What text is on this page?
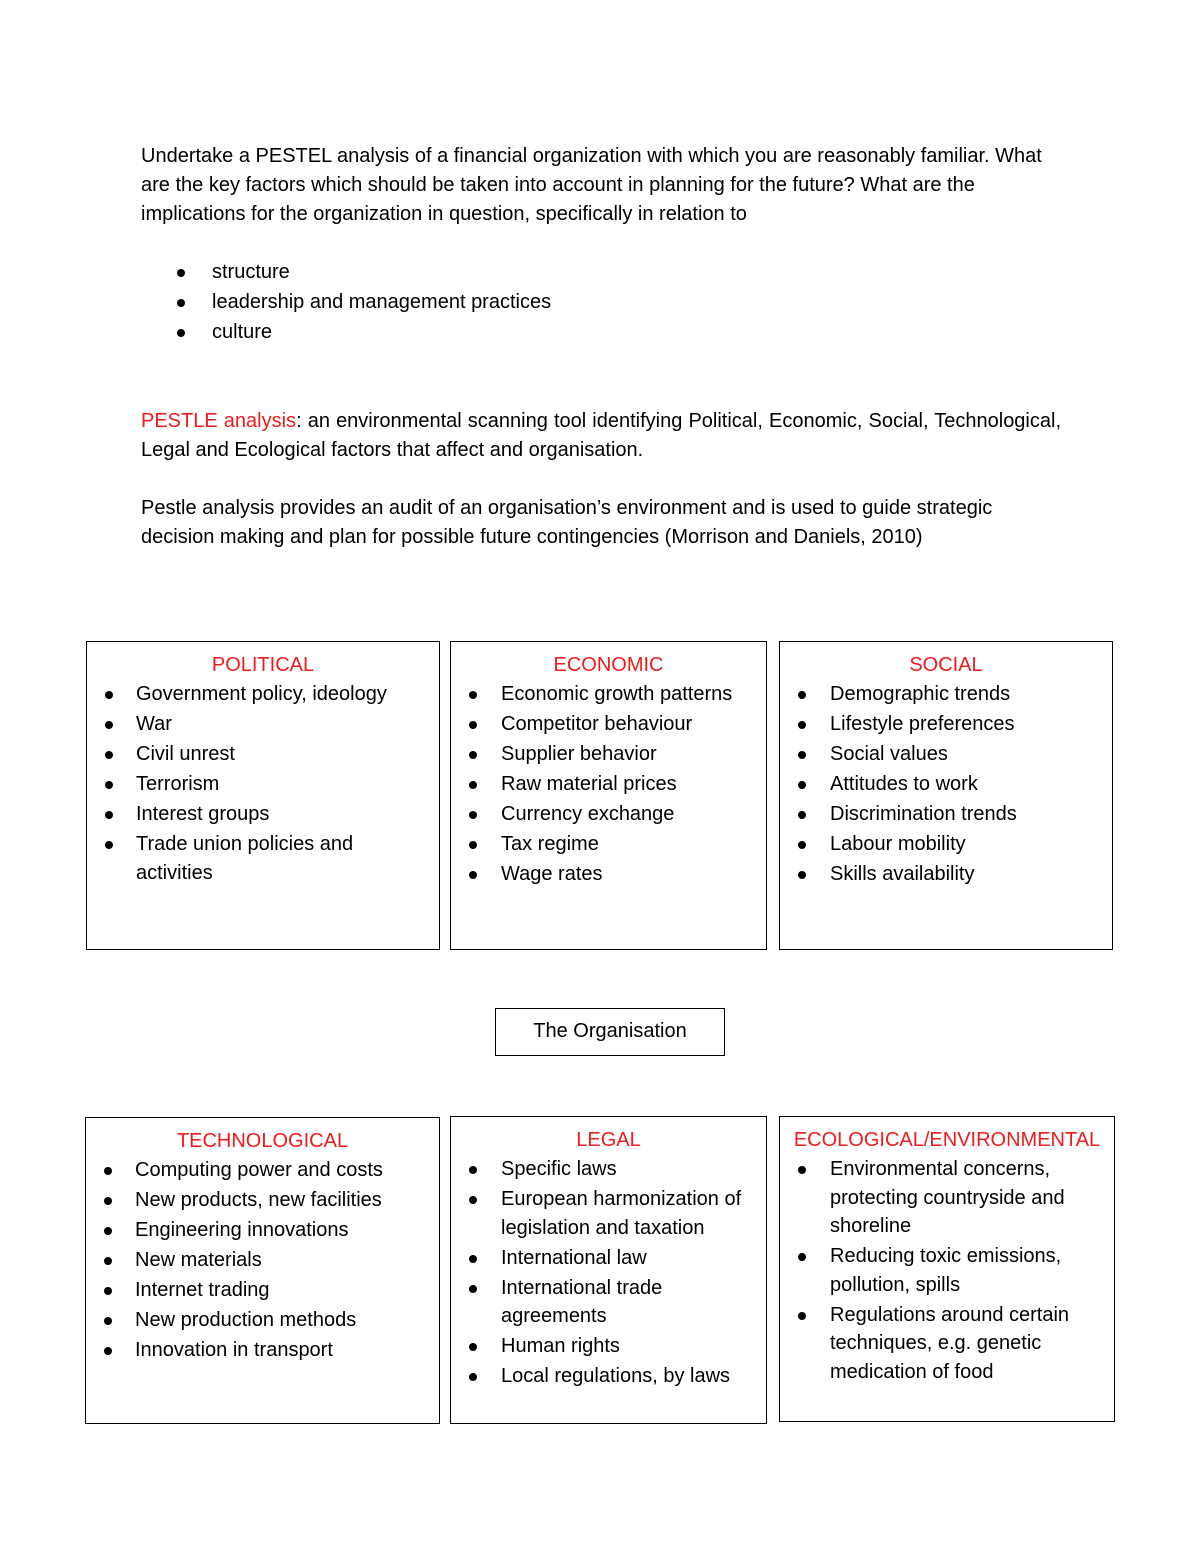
Undertake a PESTEL analysis of a financial organization with which you are reasonably familiar. What are the key factors which should be taken into account in planning for the future? What are the implications for the organization in question, specifically in relation to

structure
leadership and management practices
culture

PESTLE analysis: an environmental scanning tool identifying Political, Economic, Social, Technological, Legal and Ecological factors that affect and organisation.

Pestle analysis provides an audit of an organisation’s environment and is used to guide strategic decision making and plan for possible future contingencies (Morrison and Daniels, 2010)

POLITICAL
Government policy, ideology
War
Civil unrest
Terrorism
Interest groups
Trade union policies and activities
ECONOMIC
Economic growth patterns
Competitor behaviour
Supplier behavior
Raw material prices
Currency exchange
Tax regime
Wage rates
SOCIAL
Demographic trends
Lifestyle preferences
Social values
Attitudes to work
Discrimination trends
Labour mobility
Skills availability
The Organisation
TECHNOLOGICAL
Computing power and costs
New products, new facilities
Engineering innovations
New materials
Internet trading
New production methods
Innovation in transport
LEGAL
Specific laws
European harmonization of legislation and taxation
International law
International trade agreements
Human rights
Local regulations, by laws
ECOLOGICAL/ENVIRONMENTAL
Environmental concerns, protecting countryside and shoreline
Reducing toxic emissions, pollution, spills
Regulations around certain techniques, e.g. genetic medication of food
